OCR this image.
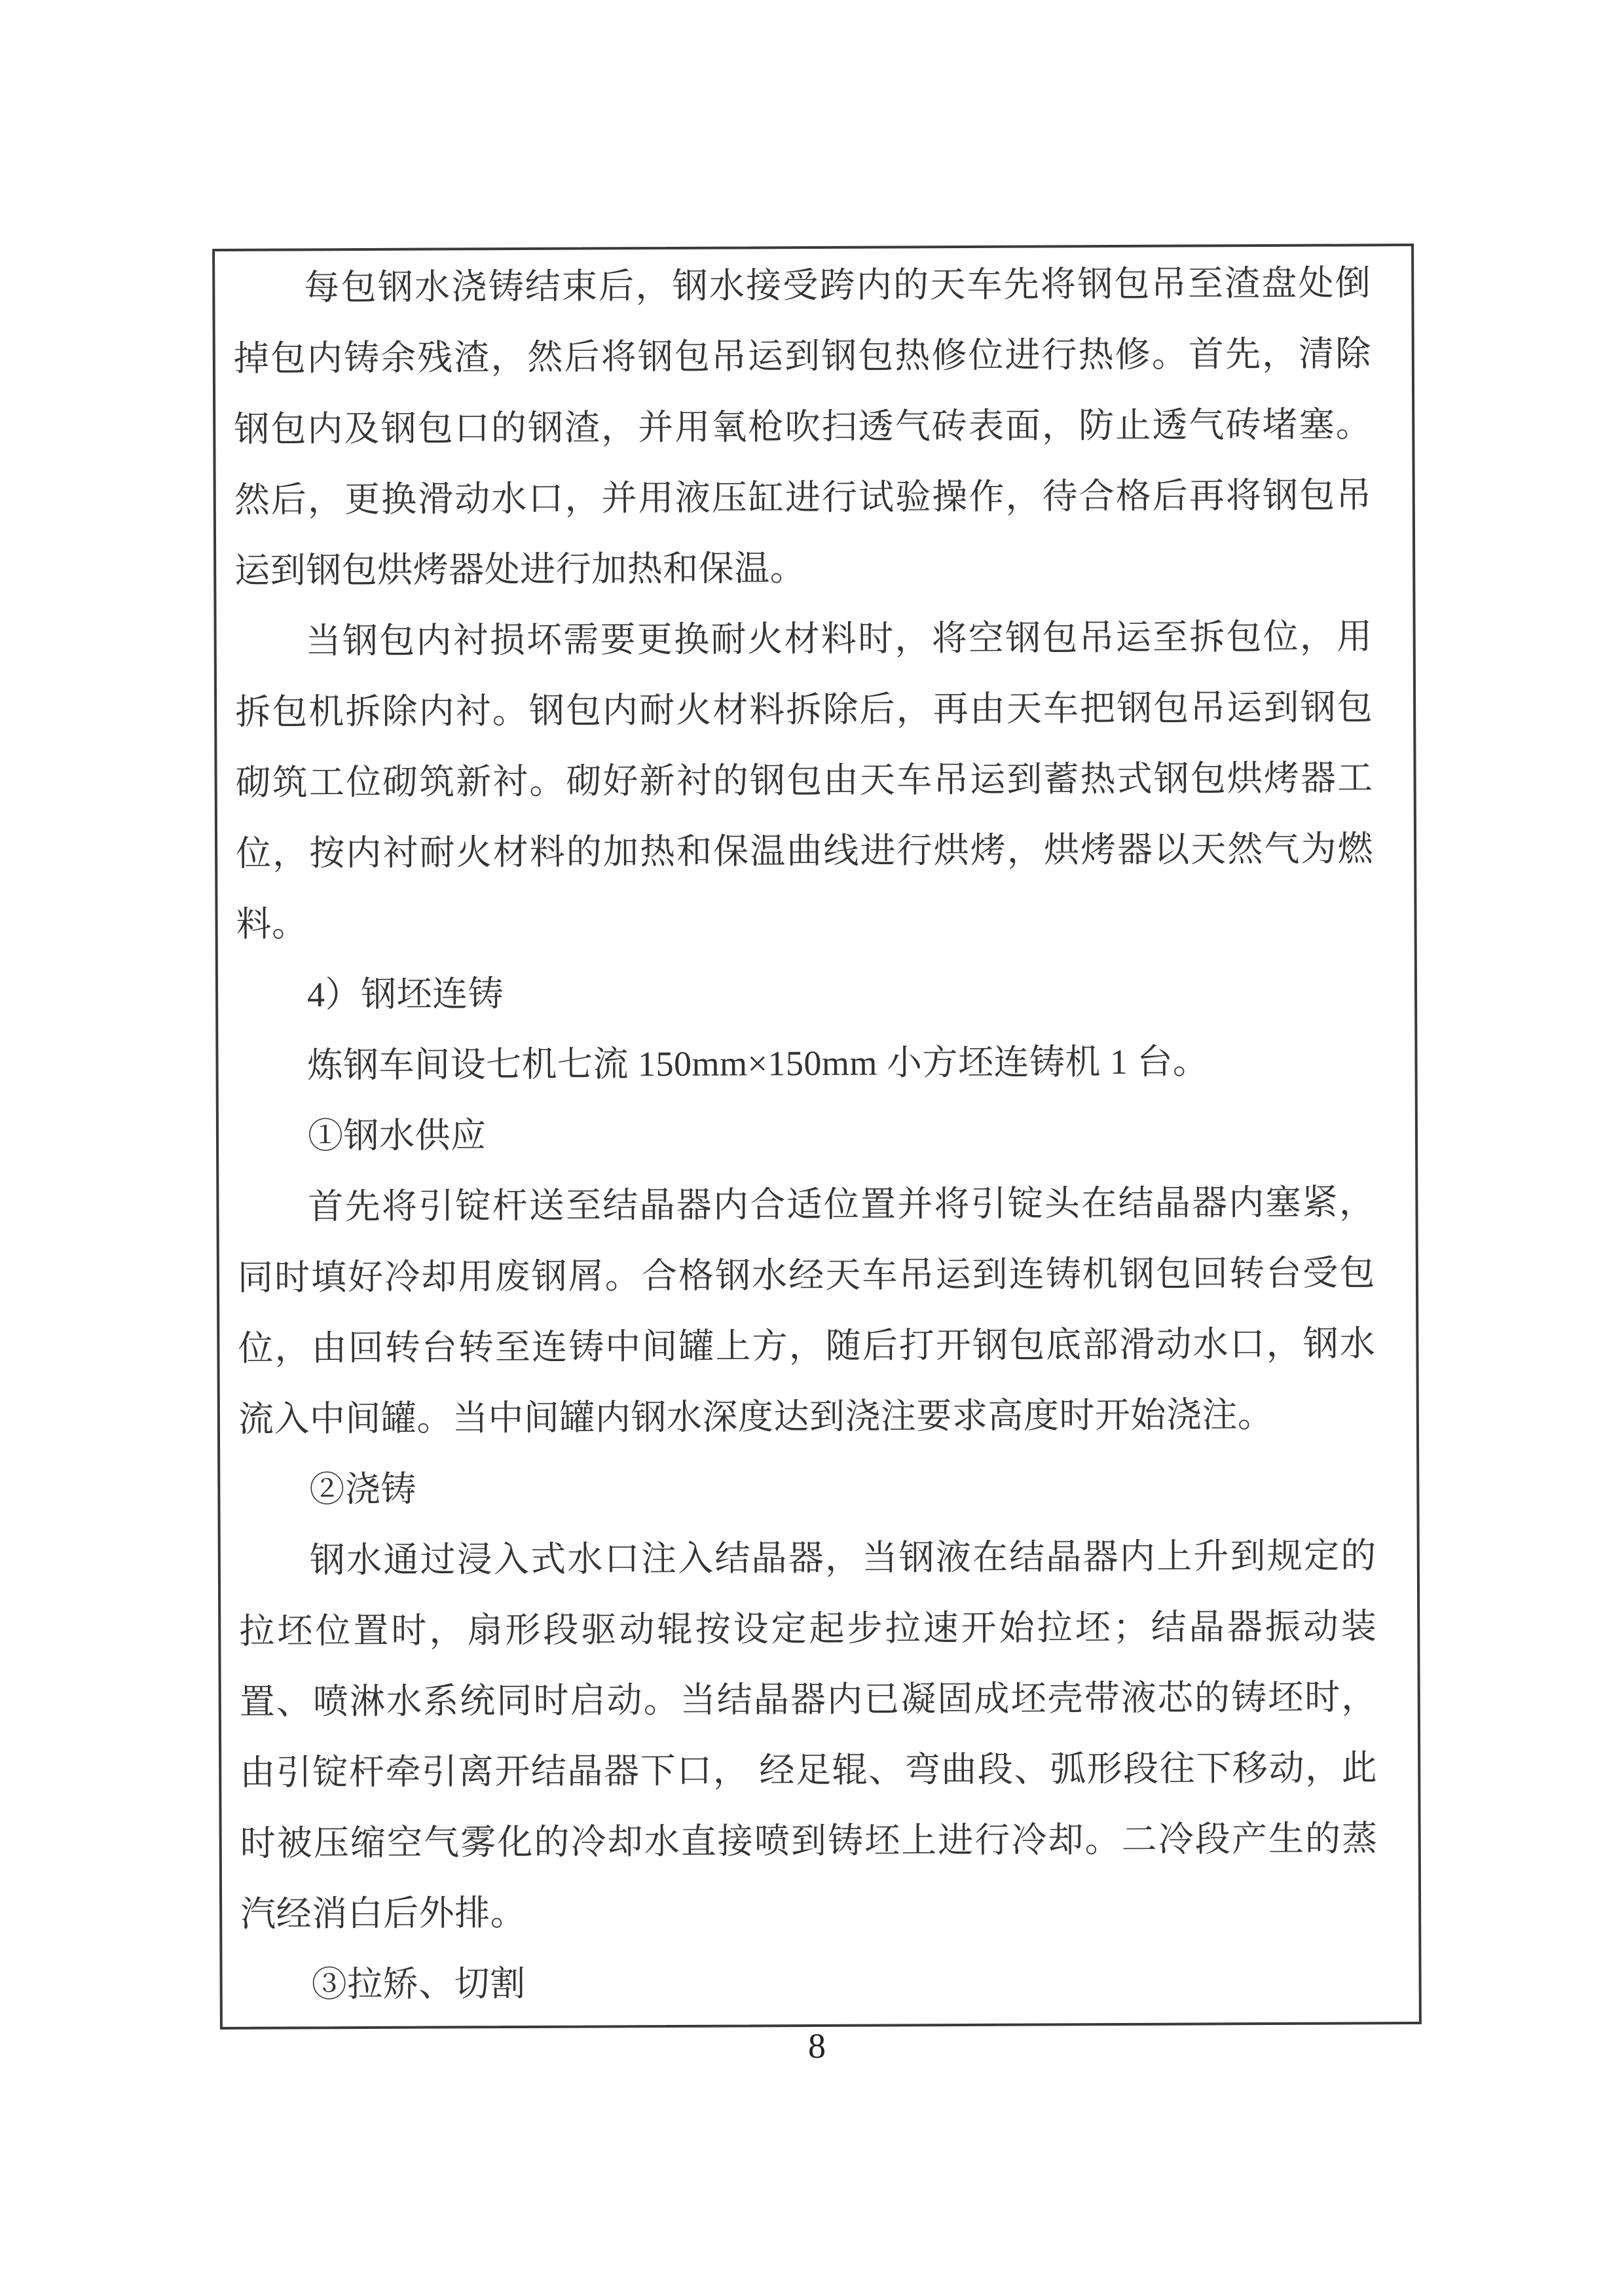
每包钢水浇铸结束后，钢水接受跨内的天车先将钢包吊至渣盘处倒掉包内铸余残渣，然后将钢包吊运到钢包热修位进行热修。首先，清除钢包内及钢包口的钢渣，并用氧枪吹扫透气砖表面，防止透气砖堵塞。然后，更换滑动水口，并用液压缸进行试验操作，待合格后再将钢包吊运到钢包烘烤器处进行加热和保温。

当钢包内衬损坏需要更换耐火材料时，将空钢包吊运至拆包位，用拆包机拆除内衬。钢包内耐火材料拆除后，再由天车把钢包吊运到钢包砌筑工位砌筑新衬。砌好新衬的钢包由天车吊运到蓄热式钢包烘烤器工位，按内衬耐火材料的加热和保温曲线进行烘烤，烘烤器以天然气为燃料。

4）钢坯连铸

炼钢车间设七机七流 150mm×150mm 小方坯连铸机 1 台。

①钢水供应

首先将引锭杆送至结晶器内合适位置并将引锭头在结晶器内塞紧，同时填好冷却用废钢屑。合格钢水经天车吊运到连铸机钢包回转台受包位，由回转台转至连铸中间罐上方，随后打开钢包底部滑动水口，钢水流入中间罐。当中间罐内钢水深度达到浇注要求高度时开始浇注。

②浇铸

钢水通过浸入式水口注入结晶器，当钢液在结晶器内上升到规定的拉坯位置时，扇形段驱动辊按设定起步拉速开始拉坯；结晶器振动装置、喷淋水系统同时启动。当结晶器内已凝固成坯壳带液芯的铸坯时，由引锭杆牵引离开结晶器下口， 经足辊、弯曲段、弧形段往下移动，此时被压缩空气雾化的冷却水直接喷到铸坯上进行冷却。二冷段产生的蒸汽经消白后外排。

③拉矫、切割

8
